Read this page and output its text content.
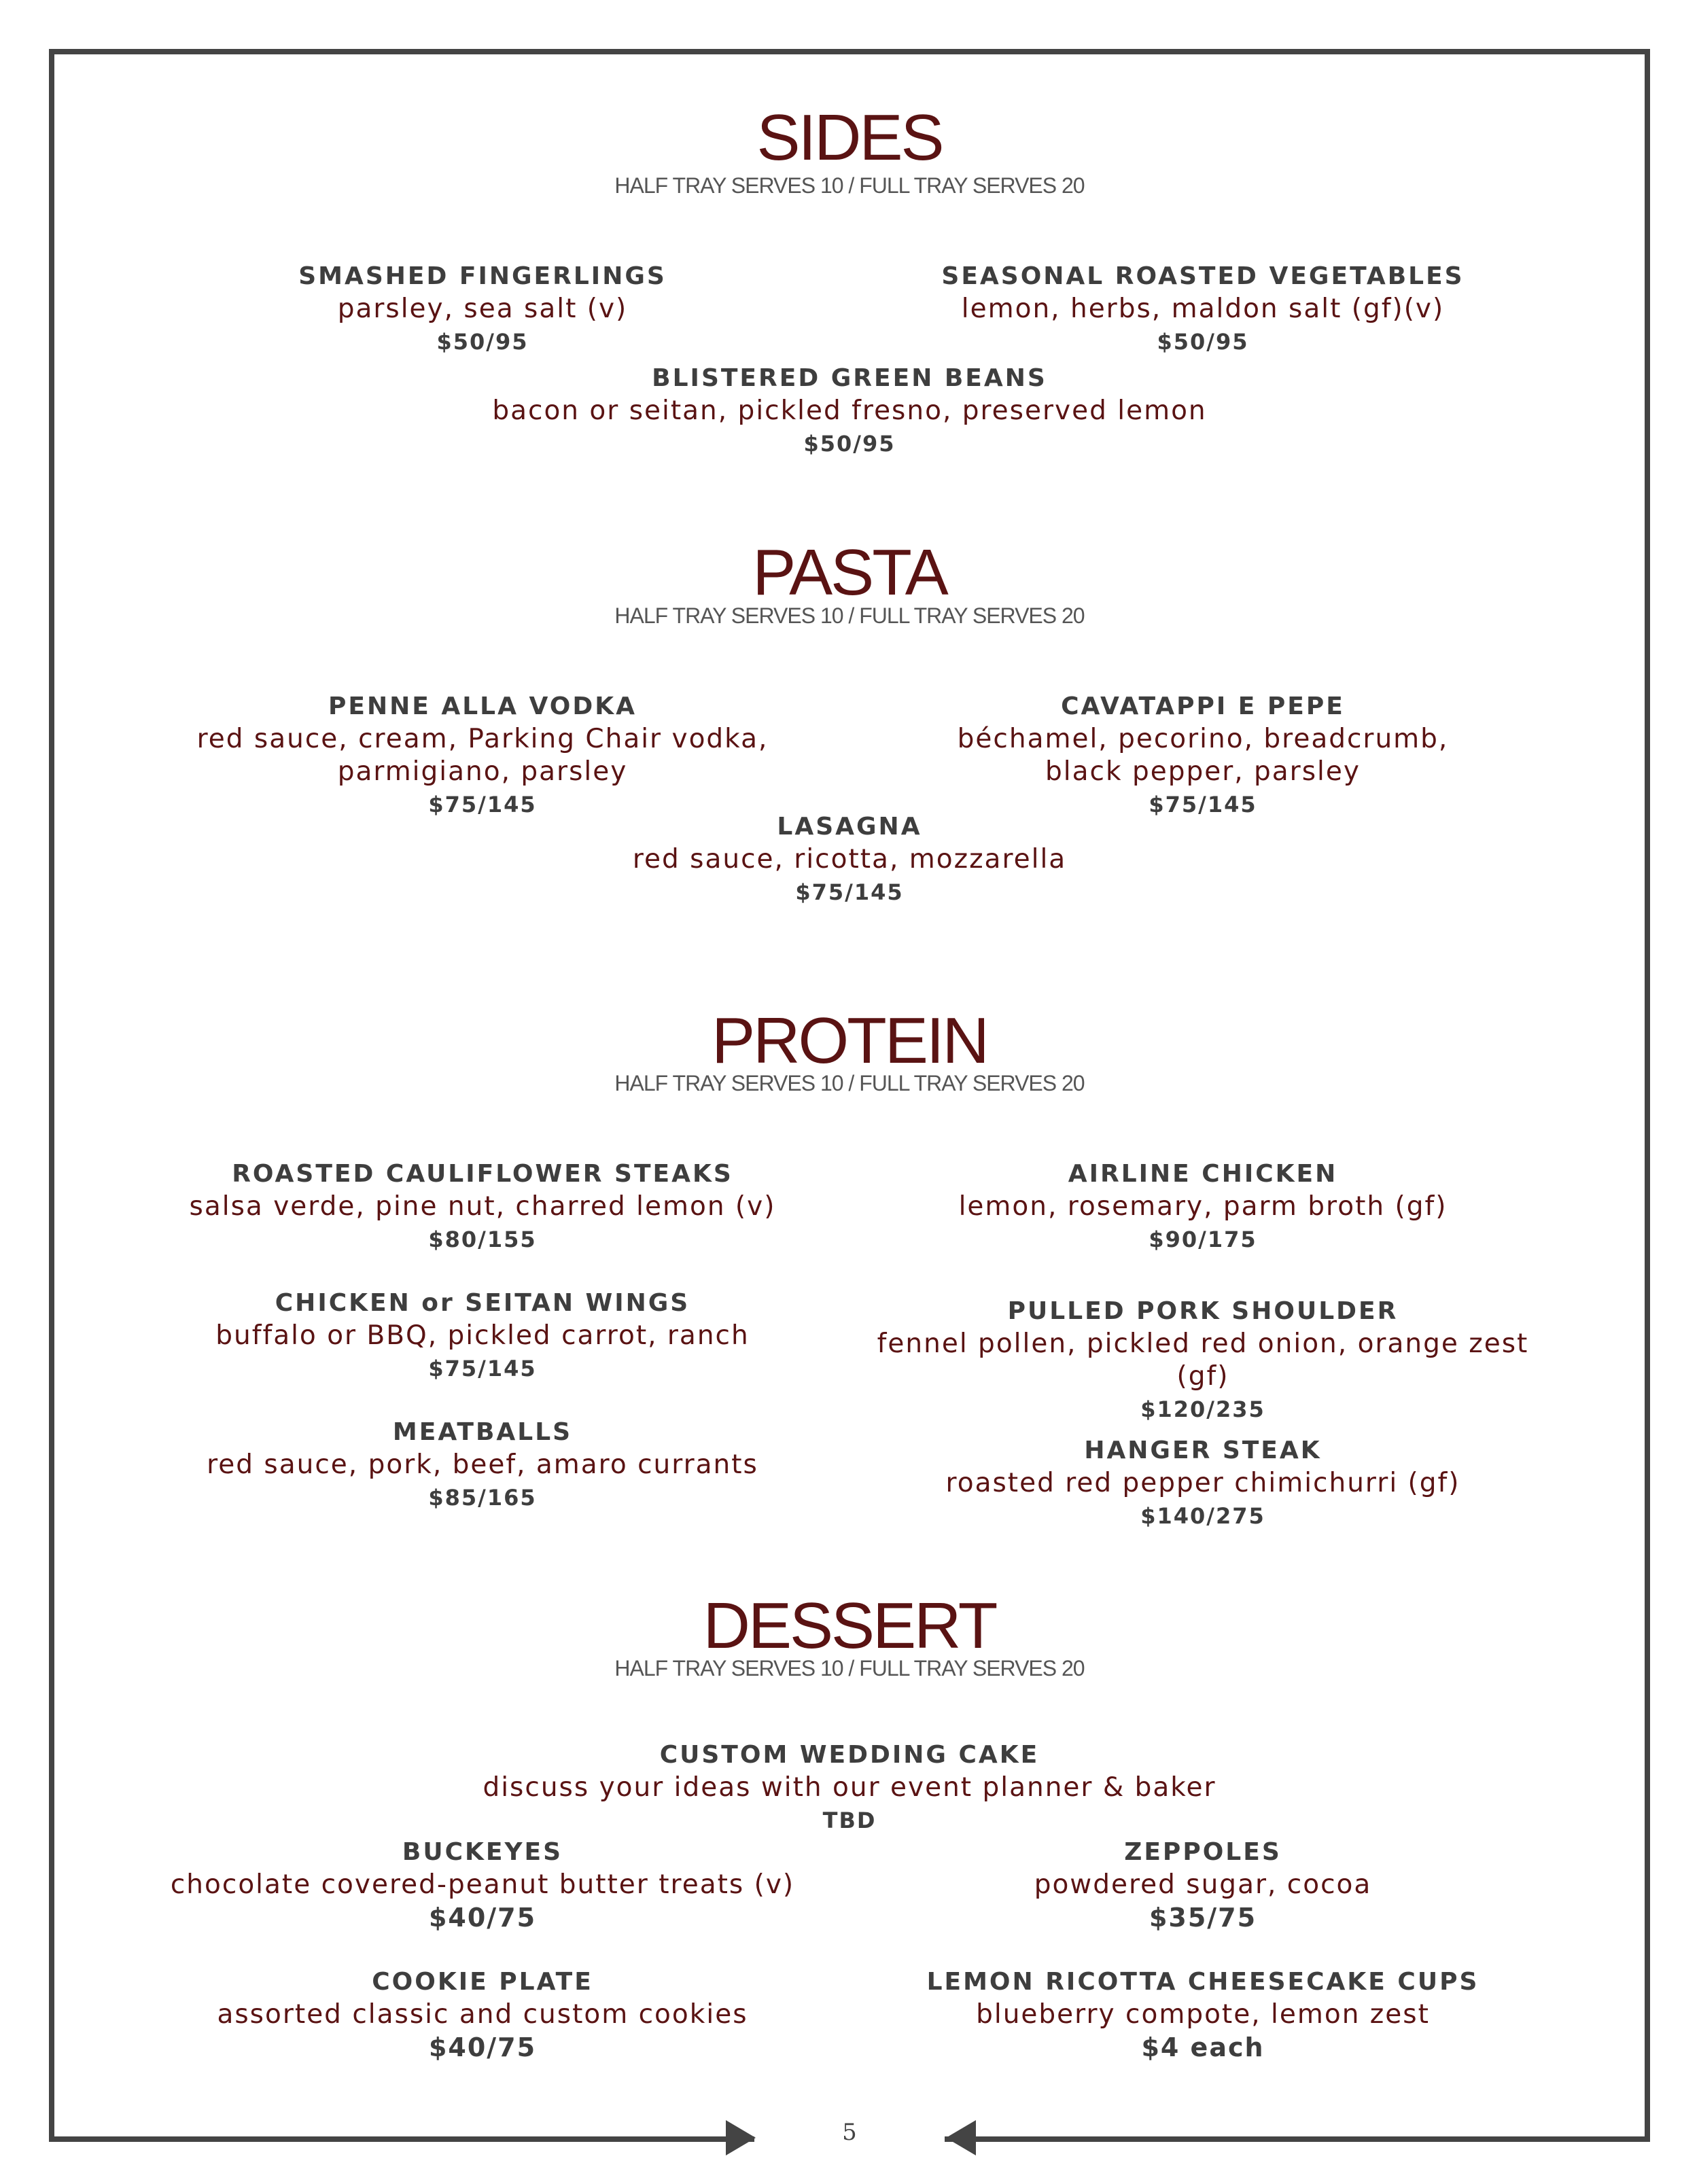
5
SIDES
HALF TRAY SERVES 10 / FULL TRAY SERVES 20
SMASHED FINGERLINGS
parsley, sea salt (v)
$50/95
SEASONAL ROASTED VEGETABLES
lemon, herbs, maldon salt (gf)(v)
$50/95
BLISTERED GREEN BEANS
bacon or seitan, pickled fresno, preserved lemon
$50/95
PASTA
HALF TRAY SERVES 10 / FULL TRAY SERVES 20
PENNE ALLA VODKA
red sauce, cream, Parking Chair vodka,
parmigiano, parsley
$75/145
CAVATAPPI E PEPE
béchamel, pecorino, breadcrumb,
black pepper, parsley
$75/145
LASAGNA
red sauce, ricotta, mozzarella
$75/145
PROTEIN
HALF TRAY SERVES 10 / FULL TRAY SERVES 20
ROASTED CAULIFLOWER STEAKS
salsa verde, pine nut, charred lemon (v)
$80/155
AIRLINE CHICKEN
lemon, rosemary, parm broth (gf)
$90/175
CHICKEN or SEITAN WINGS
buffalo or BBQ, pickled carrot, ranch
$75/145
PULLED PORK SHOULDER
fennel pollen, pickled red onion, orange zest (gf)
$120/235
MEATBALLS
red sauce, pork, beef, amaro currants
$85/165
HANGER STEAK
roasted red pepper chimichurri (gf)
$140/275
DESSERT
HALF TRAY SERVES 10 / FULL TRAY SERVES 20
CUSTOM WEDDING CAKE
discuss your ideas with our event planner & baker
TBD
BUCKEYES
chocolate covered-peanut butter treats (v)
$40/75
ZEPPOLES
powdered sugar, cocoa
$35/75
COOKIE PLATE
assorted classic and custom cookies
$40/75
LEMON RICOTTA CHEESECAKE CUPS
blueberry compote, lemon zest
$4 each
